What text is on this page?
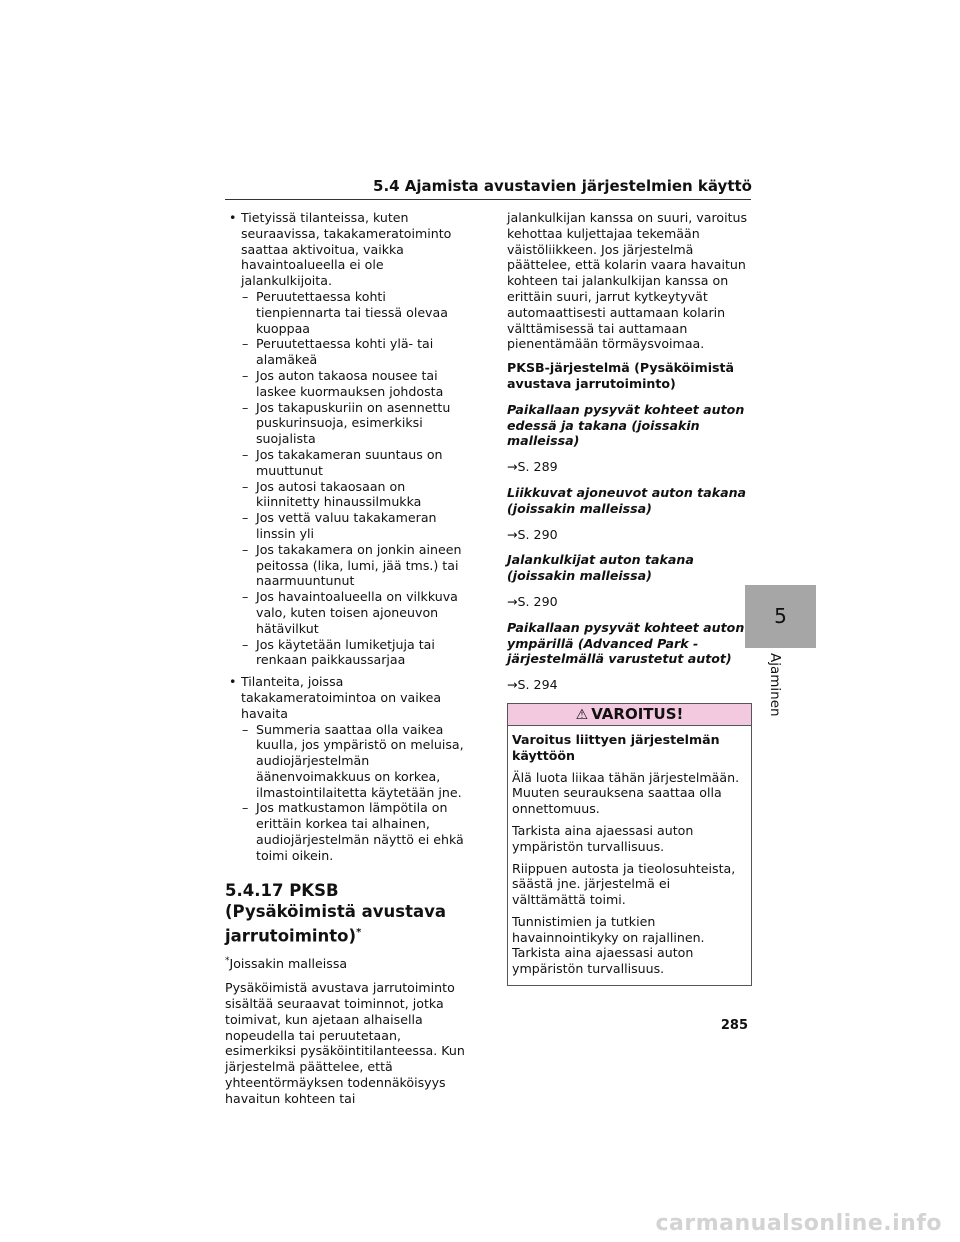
5.4 Ajamista avustavien järjestelmien käyttö
• Tietyissä tilanteissa, kuten seuraavissa, takakameratoiminto saattaa aktivoitua, vaikka havaintoalueella ei ole jalankulkijoita.
– Peruutettaessa kohti tienpiennarta tai tiessä olevaa kuoppaa
– Peruutettaessa kohti ylä- tai alamäkeä
– Jos auton takaosa nousee tai laskee kuormauksen johdosta
– Jos takapuskuriin on asennettu puskurinsuoja, esimerkiksi suojalista
– Jos takakameran suuntaus on muuttunut
– Jos autosi takaosaan on kiinnitetty hinaussilmukka
– Jos vettä valuu takakameran linssin yli
– Jos takakamera on jonkin aineen peitossa (lika, lumi, jää tms.) tai naarmuuntunut
– Jos havaintoalueella on vilkkuva valo, kuten toisen ajoneuvon hätävilkut
– Jos käytetään lumiketjuja tai renkaan paikkaussarjaa
• Tilanteita, joissa takakameratoimintoa on vaikea havaita
– Summeria saattaa olla vaikea kuulla, jos ympäristö on meluisa, audiojärjestelmän äänenvoimakkuus on korkea, ilmastointilaitetta käytetään jne.
– Jos matkustamon lämpötila on erittäin korkea tai alhainen, audiojärjestelmän näyttö ei ehkä toimi oikein.
5.4.17 PKSB (Pysäköimistä avustava jarrutoiminto)*

*Joissakin malleissa

Pysäköimistä avustava jarrutoiminto sisältää seuraavat toiminnot, jotka toimivat, kun ajetaan alhaisella nopeudella tai peruutetaan, esimerkiksi pysäköintitilanteessa. Kun järjestelmä päättelee, että yhteentörmäyksen todennäköisyys havaitun kohteen tai

jalankulkijan kanssa on suuri, varoitus kehottaa kuljettajaa tekemään väistöliikkeen. Jos järjestelmä päättelee, että kolarin vaara havaitun kohteen tai jalankulkijan kanssa on erittäin suuri, jarrut kytkeytyvät automaattisesti auttamaan kolarin välttämisessä tai auttamaan pienentämään törmäysvoimaa.

PKSB-järjestelmä (Pysäköimistä avustava jarrutoiminto)
Paikallaan pysyvät kohteet auton edessä ja takana (joissakin malleissa)
→S. 289
Liikkuvat ajoneuvot auton takana (joissakin malleissa)
→S. 290
Jalankulkijat auton takana (joissakin malleissa)
→S. 290
Paikallaan pysyvät kohteet auton ympärillä (Advanced Park -järjestelmällä varustetut autot)
→S. 294
⚠ VAROITUS!

Varoitus liittyen järjestelmän käyttöön

Älä luota liikaa tähän järjestelmään. Muuten seurauksena saattaa olla onnettomuus.

Tarkista aina ajaessasi auton ympäristön turvallisuus.

Riippuen autosta ja tieolosuhteista, säästä jne. järjestelmä ei välttämättä toimi.

Tunnistimien ja tutkien havainnointikyky on rajallinen. Tarkista aina ajaessasi auton ympäristön turvallisuus.

5
Ajaminen
285
carmanualsonline.info
